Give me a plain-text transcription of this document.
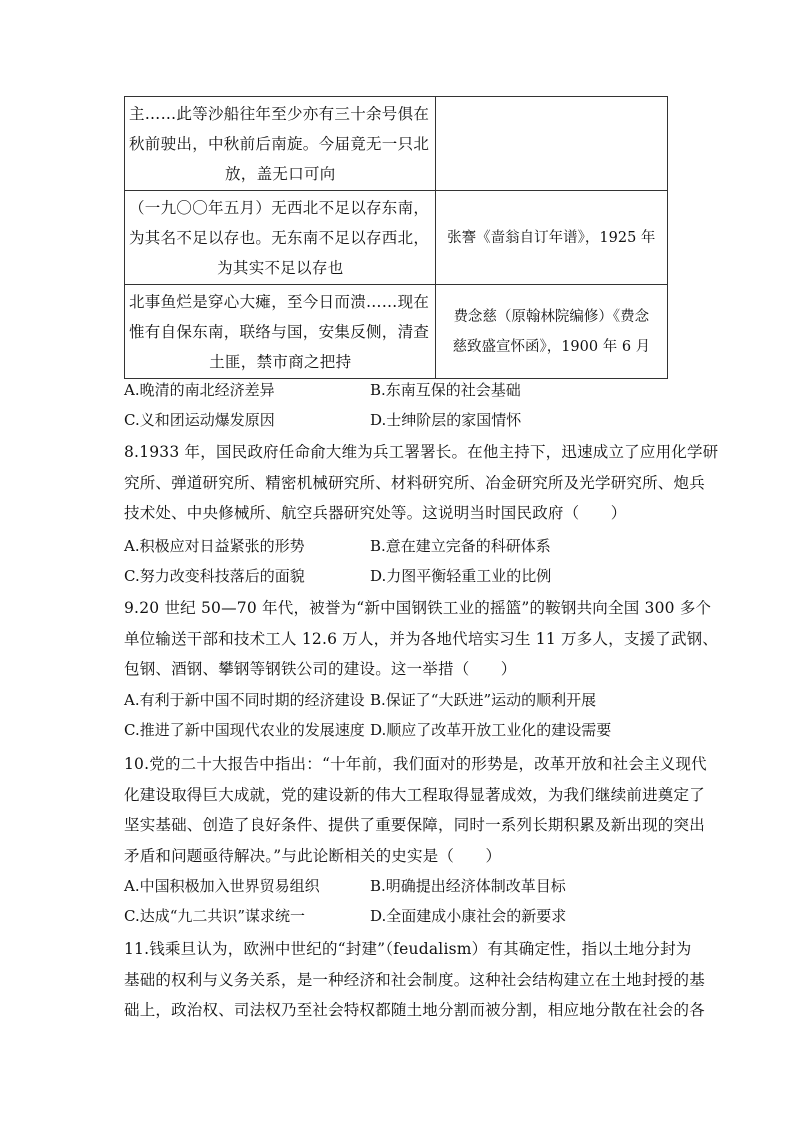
主……此等沙船往年至少亦有三十余号俱在
秋前驶出，中秋前后南旋。今届竟无一只北
放，盖无口可向	

（一九〇〇年五月）无西北不足以存东南，
为其名不足以存也。无东南不足以存西北，
为其实不足以存也	张謇《啬翁自订年谱》，1925 年

北事鱼烂是穿心大瘫，至今日而溃……现在
惟有自保东南，联络与国，安集反侧，清查
土匪，禁市商之把持	费念慈（原翰林院编修）《费念
慈致盛宣怀函》，1900 年 6 月
A.晚清的南北经济差异	B.东南互保的社会基础
C.义和团运动爆发原因	D.士绅阶层的家国情怀
8.1933 年，国民政府任命俞大维为兵工署署长。在他主持下，迅速成立了应用化学研
究所、弹道研究所、精密机械研究所、材料研究所、冶金研究所及光学研究所、炮兵
技术处、中央修械所、航空兵器研究处等。这说明当时国民政府（　　）
A.积极应对日益紧张的形势	B.意在建立完备的科研体系
C.努力改变科技落后的面貌	D.力图平衡轻重工业的比例
9.20 世纪 50—70 年代，被誉为“新中国钢铁工业的摇篮”的鞍钢共向全国 300 多个
单位输送干部和技术工人 12.6 万人，并为各地代培实习生 11 万多人，支援了武钢、
包钢、酒钢、攀钢等钢铁公司的建设。这一举措（　　）
A.有利于新中国不同时期的经济建设 B.保证了“大跃进”运动的顺利开展
C.推进了新中国现代农业的发展速度 D.顺应了改革开放工业化的建设需要
10.党的二十大报告中指出：“十年前，我们面对的形势是，改革开放和社会主义现代
化建设取得巨大成就，党的建设新的伟大工程取得显著成效，为我们继续前进奠定了
坚实基础、创造了良好条件、提供了重要保障，同时一系列长期积累及新出现的突出
矛盾和问题亟待解决。”与此论断相关的史实是（　　）
A.中国积极加入世界贸易组织	B.明确提出经济体制改革目标
C.达成“九二共识”谋求统一	D.全面建成小康社会的新要求
11.钱乘旦认为，欧洲中世纪的“封建”（feudalism）有其确定性，指以土地分封为
基础的权利与义务关系，是一种经济和社会制度。这种社会结构建立在土地封授的基
础上，政治权、司法权乃至社会特权都随土地分割而被分割，相应地分散在社会的各
